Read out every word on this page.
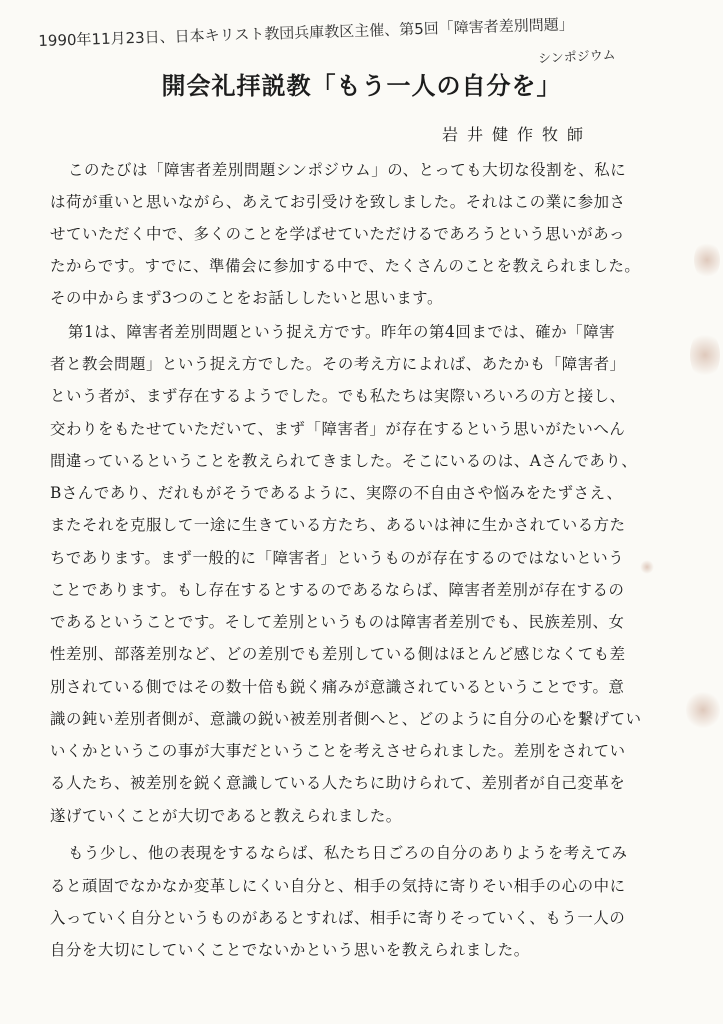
1990年11月23日、日本キリスト教団兵庫教区主催、第5回「障害者差別問題」
シンポジウム
開会礼拝説教「もう一人の自分を」
岩井健作牧師
このたびは「障害者差別問題シンポジウム」の、とっても大切な役割を、私に
は荷が重いと思いながら、あえてお引受けを致しました。それはこの業に参加さ
せていただく中で、多くのことを学ばせていただけるであろうという思いがあっ
たからです。すでに、準備会に参加する中で、たくさんのことを教えられました。
その中からまず3つのことをお話ししたいと思います。
第1は、障害者差別問題という捉え方です。昨年の第4回までは、確か「障害
者と教会問題」という捉え方でした。その考え方によれば、あたかも「障害者」
という者が、まず存在するようでした。でも私たちは実際いろいろの方と接し、
交わりをもたせていただいて、まず「障害者」が存在するという思いがたいへん
間違っているということを教えられてきました。そこにいるのは、Aさんであり、
Bさんであり、だれもがそうであるように、実際の不自由さや悩みをたずさえ、
またそれを克服して一途に生きている方たち、あるいは神に生かされている方た
ちであります。まず一般的に「障害者」というものが存在するのではないという
ことであります。もし存在するとするのであるならば、障害者差別が存在するの
であるということです。そして差別というものは障害者差別でも、民族差別、女
性差別、部落差別など、どの差別でも差別している側はほとんど感じなくても差
別されている側ではその数十倍も鋭く痛みが意識されているということです。意
識の鈍い差別者側が、意識の鋭い被差別者側へと、どのように自分の心を繋げてい
いくかというこの事が大事だということを考えさせられました。差別をされてい
る人たち、被差別を鋭く意識している人たちに助けられて、差別者が自己変革を
遂げていくことが大切であると教えられました。
もう少し、他の表現をするならば、私たち日ごろの自分のありようを考えてみ
ると頑固でなかなか変革しにくい自分と、相手の気持に寄りそい相手の心の中に
入っていく自分というものがあるとすれば、相手に寄りそっていく、もう一人の
自分を大切にしていくことでないかという思いを教えられました。
